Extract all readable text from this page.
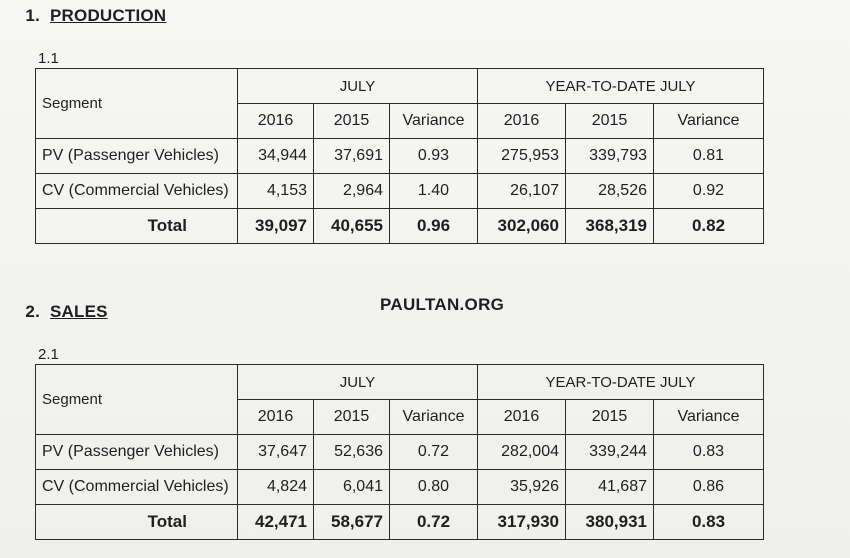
1. PRODUCTION
1.1
Segment	JULY			YEAR-TO-DATE JULY		
	2016	2015	Variance	2016	2015	Variance
PV (Passenger Vehicles)	34,944	37,691	0.93	275,953	339,793	0.81
CV (Commercial Vehicles)	4,153	2,964	1.40	26,107	28,526	0.92
Total	39,097	40,655	0.96	302,060	368,319	0.82
PAULTAN.ORG
2. SALES
2.1
Segment	JULY			YEAR-TO-DATE JULY		
	2016	2015	Variance	2016	2015	Variance
PV (Passenger Vehicles)	37,647	52,636	0.72	282,004	339,244	0.83
CV (Commercial Vehicles)	4,824	6,041	0.80	35,926	41,687	0.86
Total	42,471	58,677	0.72	317,930	380,931	0.83
